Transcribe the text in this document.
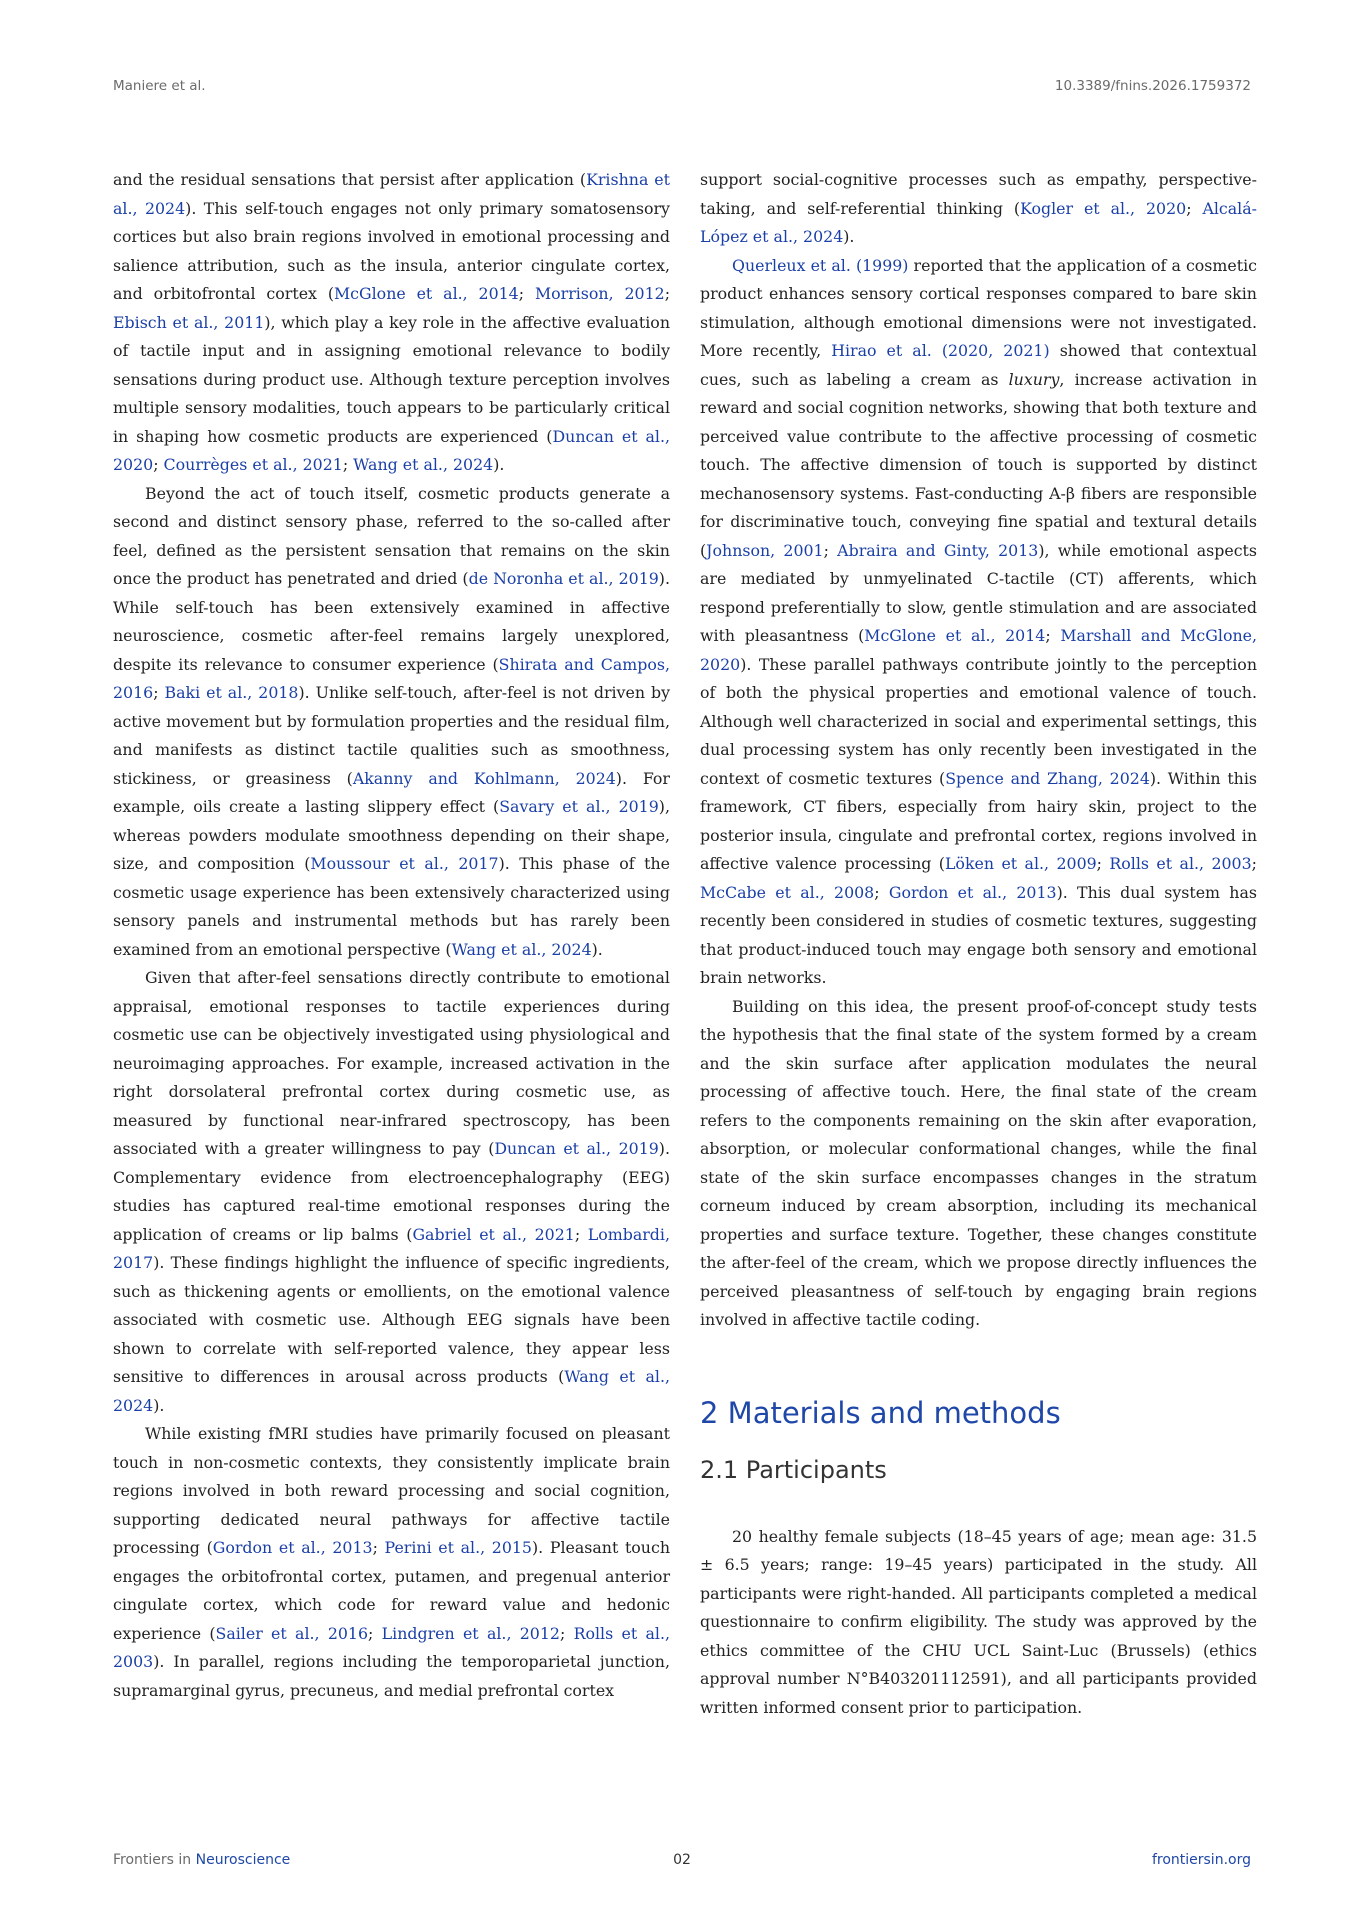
Maniere et al.	10.3389/fnins.2026.1759372

and the residual sensations that persist after application (Krishna et al., 2024). This self-touch engages not only primary somatosensory cortices but also brain regions involved in emotional processing and salience attribution, such as the insula, anterior cingulate cortex, and orbitofrontal cortex (McGlone et al., 2014; Morrison, 2012; Ebisch et al., 2011), which play a key role in the affective evaluation of tactile input and in assigning emotional relevance to bodily sensations during product use. Although texture perception involves multiple sensory modalities, touch appears to be particularly critical in shaping how cosmetic products are experienced (Duncan et al., 2020; Courrèges et al., 2021; Wang et al., 2024).

Beyond the act of touch itself, cosmetic products generate a second and distinct sensory phase, referred to the so-called after feel, defined as the persistent sensation that remains on the skin once the product has penetrated and dried (de Noronha et al., 2019). While self-touch has been extensively examined in affective neuroscience, cosmetic after-feel remains largely unexplored, despite its relevance to consumer experience (Shirata and Campos, 2016; Baki et al., 2018). Unlike self-touch, after-feel is not driven by active movement but by formulation properties and the residual film, and manifests as distinct tactile qualities such as smoothness, stickiness, or greasiness (Akanny and Kohlmann, 2024). For example, oils create a lasting slippery effect (Savary et al., 2019), whereas powders modulate smoothness depending on their shape, size, and composition (Moussour et al., 2017). This phase of the cosmetic usage experience has been extensively characterized using sensory panels and instrumental methods but has rarely been examined from an emotional perspective (Wang et al., 2024).

Given that after-feel sensations directly contribute to emotional appraisal, emotional responses to tactile experiences during cosmetic use can be objectively investigated using physiological and neuroimaging approaches. For example, increased activation in the right dorsolateral prefrontal cortex during cosmetic use, as measured by functional near-infrared spectroscopy, has been associated with a greater willingness to pay (Duncan et al., 2019). Complementary evidence from electroencephalography (EEG) studies has captured real-time emotional responses during the application of creams or lip balms (Gabriel et al., 2021; Lombardi, 2017). These findings highlight the influence of specific ingredients, such as thickening agents or emollients, on the emotional valence associated with cosmetic use. Although EEG signals have been shown to correlate with self-reported valence, they appear less sensitive to differences in arousal across products (Wang et al., 2024).

While existing fMRI studies have primarily focused on pleasant touch in non-cosmetic contexts, they consistently implicate brain regions involved in both reward processing and social cognition, supporting dedicated neural pathways for affective tactile processing (Gordon et al., 2013; Perini et al., 2015). Pleasant touch engages the orbitofrontal cortex, putamen, and pregenual anterior cingulate cortex, which code for reward value and hedonic experience (Sailer et al., 2016; Lindgren et al., 2012; Rolls et al., 2003). In parallel, regions including the temporoparietal junction, supramarginal gyrus, precuneus, and medial prefrontal cortex

support social-cognitive processes such as empathy, perspective-taking, and self-referential thinking (Kogler et al., 2020; Alcalá-López et al., 2024).

Querleux et al. (1999) reported that the application of a cosmetic product enhances sensory cortical responses compared to bare skin stimulation, although emotional dimensions were not investigated. More recently, Hirao et al. (2020, 2021) showed that contextual cues, such as labeling a cream as luxury, increase activation in reward and social cognition networks, showing that both texture and perceived value contribute to the affective processing of cosmetic touch. The affective dimension of touch is supported by distinct mechanosensory systems. Fast-conducting A-β fibers are responsible for discriminative touch, conveying fine spatial and textural details (Johnson, 2001; Abraira and Ginty, 2013), while emotional aspects are mediated by unmyelinated C-tactile (CT) afferents, which respond preferentially to slow, gentle stimulation and are associated with pleasantness (McGlone et al., 2014; Marshall and McGlone, 2020). These parallel pathways contribute jointly to the perception of both the physical properties and emotional valence of touch. Although well characterized in social and experimental settings, this dual processing system has only recently been investigated in the context of cosmetic textures (Spence and Zhang, 2024). Within this framework, CT fibers, especially from hairy skin, project to the posterior insula, cingulate and prefrontal cortex, regions involved in affective valence processing (Löken et al., 2009; Rolls et al., 2003; McCabe et al., 2008; Gordon et al., 2013). This dual system has recently been considered in studies of cosmetic textures, suggesting that product-induced touch may engage both sensory and emotional brain networks.

Building on this idea, the present proof-of-concept study tests the hypothesis that the final state of the system formed by a cream and the skin surface after application modulates the neural processing of affective touch. Here, the final state of the cream refers to the components remaining on the skin after evaporation, absorption, or molecular conformational changes, while the final state of the skin surface encompasses changes in the stratum corneum induced by cream absorption, including its mechanical properties and surface texture. Together, these changes constitute the after-feel of the cream, which we propose directly influences the perceived pleasantness of self-touch by engaging brain regions involved in affective tactile coding.

2 Materials and methods
2.1 Participants

20 healthy female subjects (18–45 years of age; mean age: 31.5 ± 6.5 years; range: 19–45 years) participated in the study. All participants were right-handed. All participants completed a medical questionnaire to confirm eligibility. The study was approved by the ethics committee of the CHU UCL Saint-Luc (Brussels) (ethics approval number N°B403201112591), and all participants provided written informed consent prior to participation.

Frontiers in Neuroscience	02	frontiersin.org
